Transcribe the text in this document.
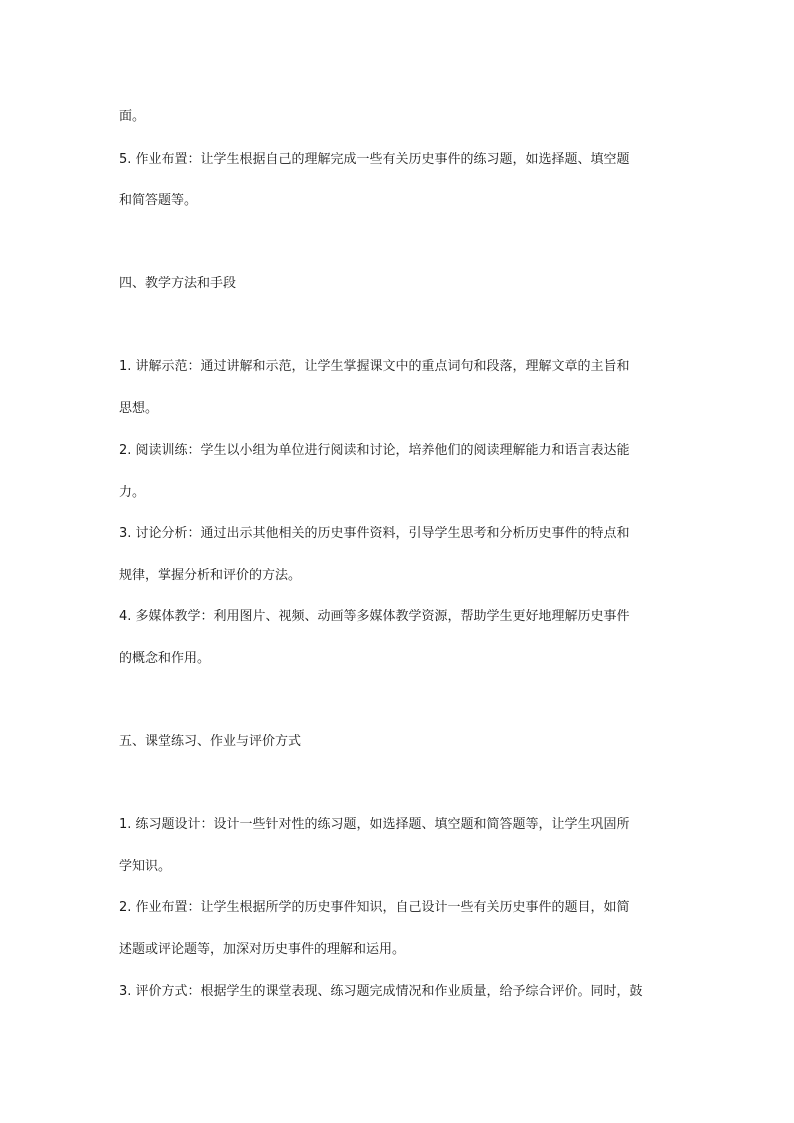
面。
5. 作业布置：让学生根据自己的理解完成一些有关历史事件的练习题，如选择题、填空题
和简答题等。
四、教学方法和手段
1. 讲解示范：通过讲解和示范，让学生掌握课文中的重点词句和段落，理解文章的主旨和
思想。
2. 阅读训练：学生以小组为单位进行阅读和讨论，培养他们的阅读理解能力和语言表达能
力。
3. 讨论分析：通过出示其他相关的历史事件资料，引导学生思考和分析历史事件的特点和
规律，掌握分析和评价的方法。
4. 多媒体教学：利用图片、视频、动画等多媒体教学资源，帮助学生更好地理解历史事件
的概念和作用。
五、课堂练习、作业与评价方式
1. 练习题设计：设计一些针对性的练习题，如选择题、填空题和简答题等，让学生巩固所
学知识。
2. 作业布置：让学生根据所学的历史事件知识，自己设计一些有关历史事件的题目，如简
述题或评论题等，加深对历史事件的理解和运用。
3. 评价方式：根据学生的课堂表现、练习题完成情况和作业质量，给予综合评价。同时，鼓
